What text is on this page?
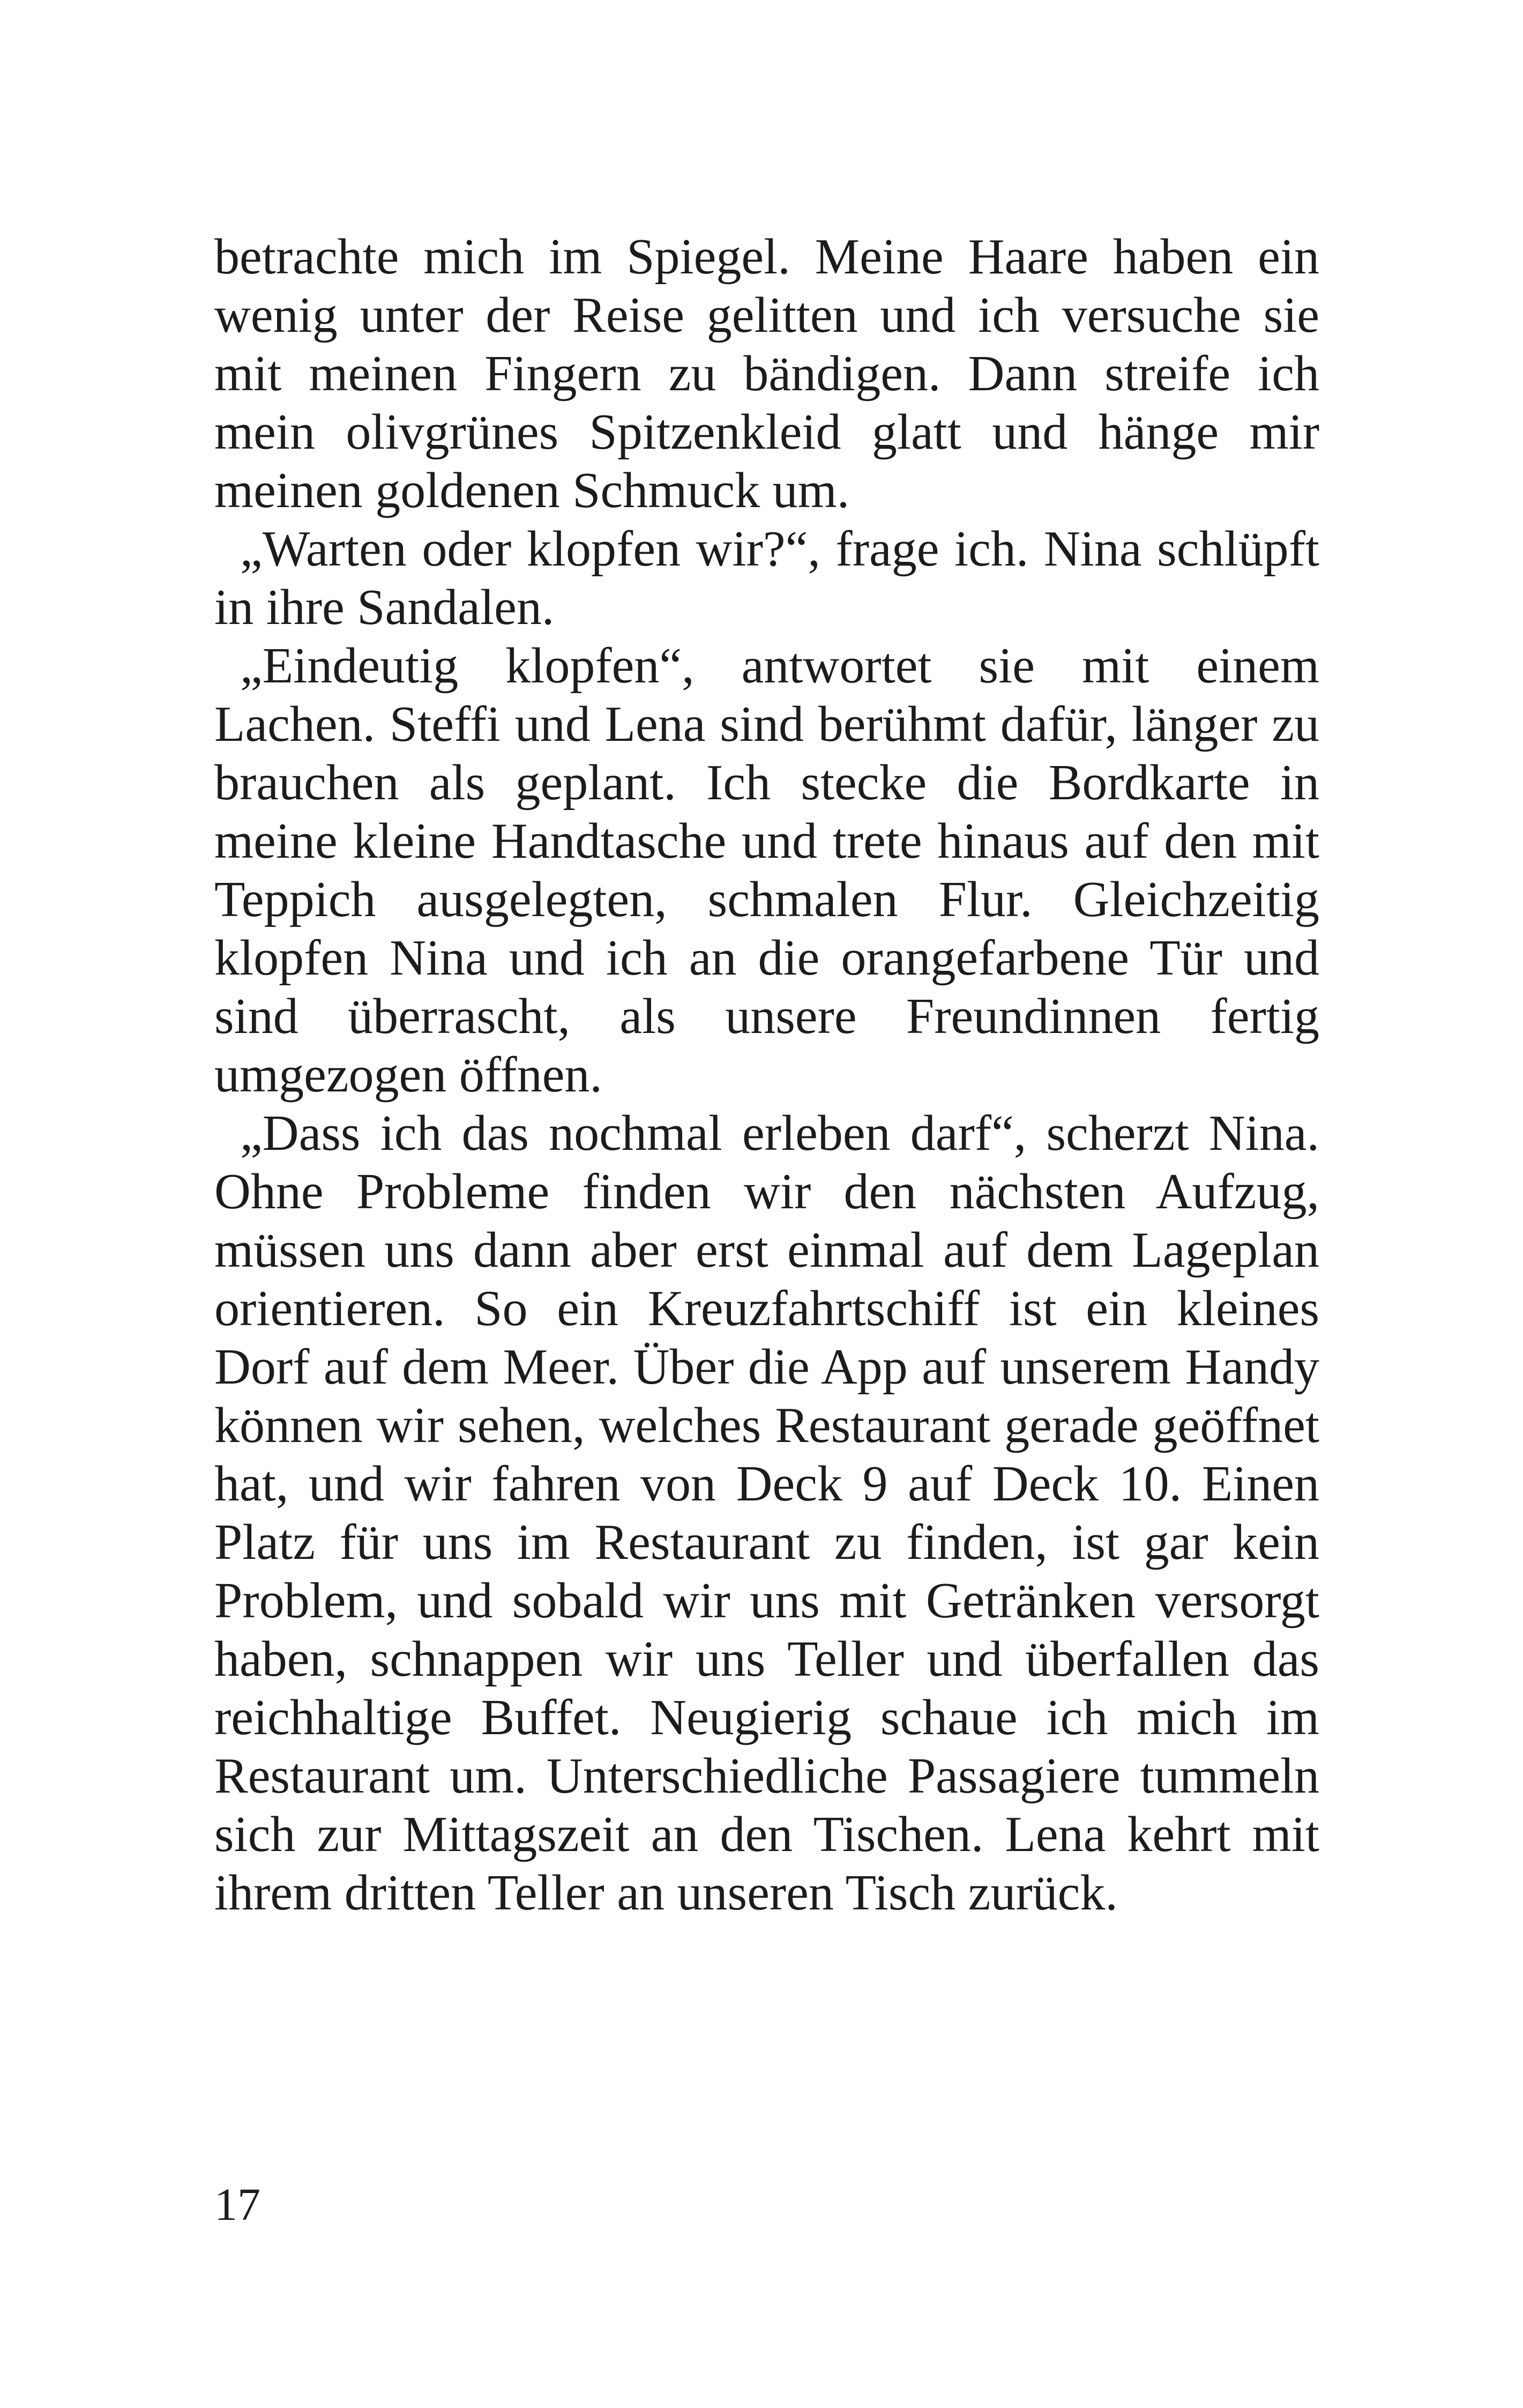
betrachte mich im Spiegel. Meine Haare haben ein wenig unter der Reise gelitten und ich versuche sie mit meinen Fingern zu bändigen. Dann streife ich mein olivgrünes Spitzenkleid glatt und hänge mir meinen goldenen Schmuck um.

„Warten oder klopfen wir?“, frage ich. Nina schlüpft in ihre Sandalen.

„Eindeutig klopfen“, antwortet sie mit einem Lachen. Steffi und Lena sind berühmt dafür, länger zu brauchen als geplant. Ich stecke die Bordkarte in meine kleine Handtasche und trete hinaus auf den mit Teppich ausgelegten, schmalen Flur. Gleichzeitig klopfen Nina und ich an die orangefarbene Tür und sind überrascht, als unsere Freundinnen fertig umgezogen öffnen.

„Dass ich das nochmal erleben darf“, scherzt Nina. Ohne Probleme finden wir den nächsten Aufzug, müssen uns dann aber erst einmal auf dem Lageplan orientieren. So ein Kreuzfahrtschiff ist ein kleines Dorf auf dem Meer. Über die App auf unserem Handy können wir sehen, welches Restaurant gerade geöffnet hat, und wir fahren von Deck 9 auf Deck 10. Einen Platz für uns im Restaurant zu finden, ist gar kein Problem, und sobald wir uns mit Getränken versorgt haben, schnappen wir uns Teller und überfallen das reichhaltige Buffet. Neugierig schaue ich mich im Restaurant um. Unterschiedliche Passagiere tummeln sich zur Mittagszeit an den Tischen. Lena kehrt mit ihrem dritten Teller an unseren Tisch zurück.

17
